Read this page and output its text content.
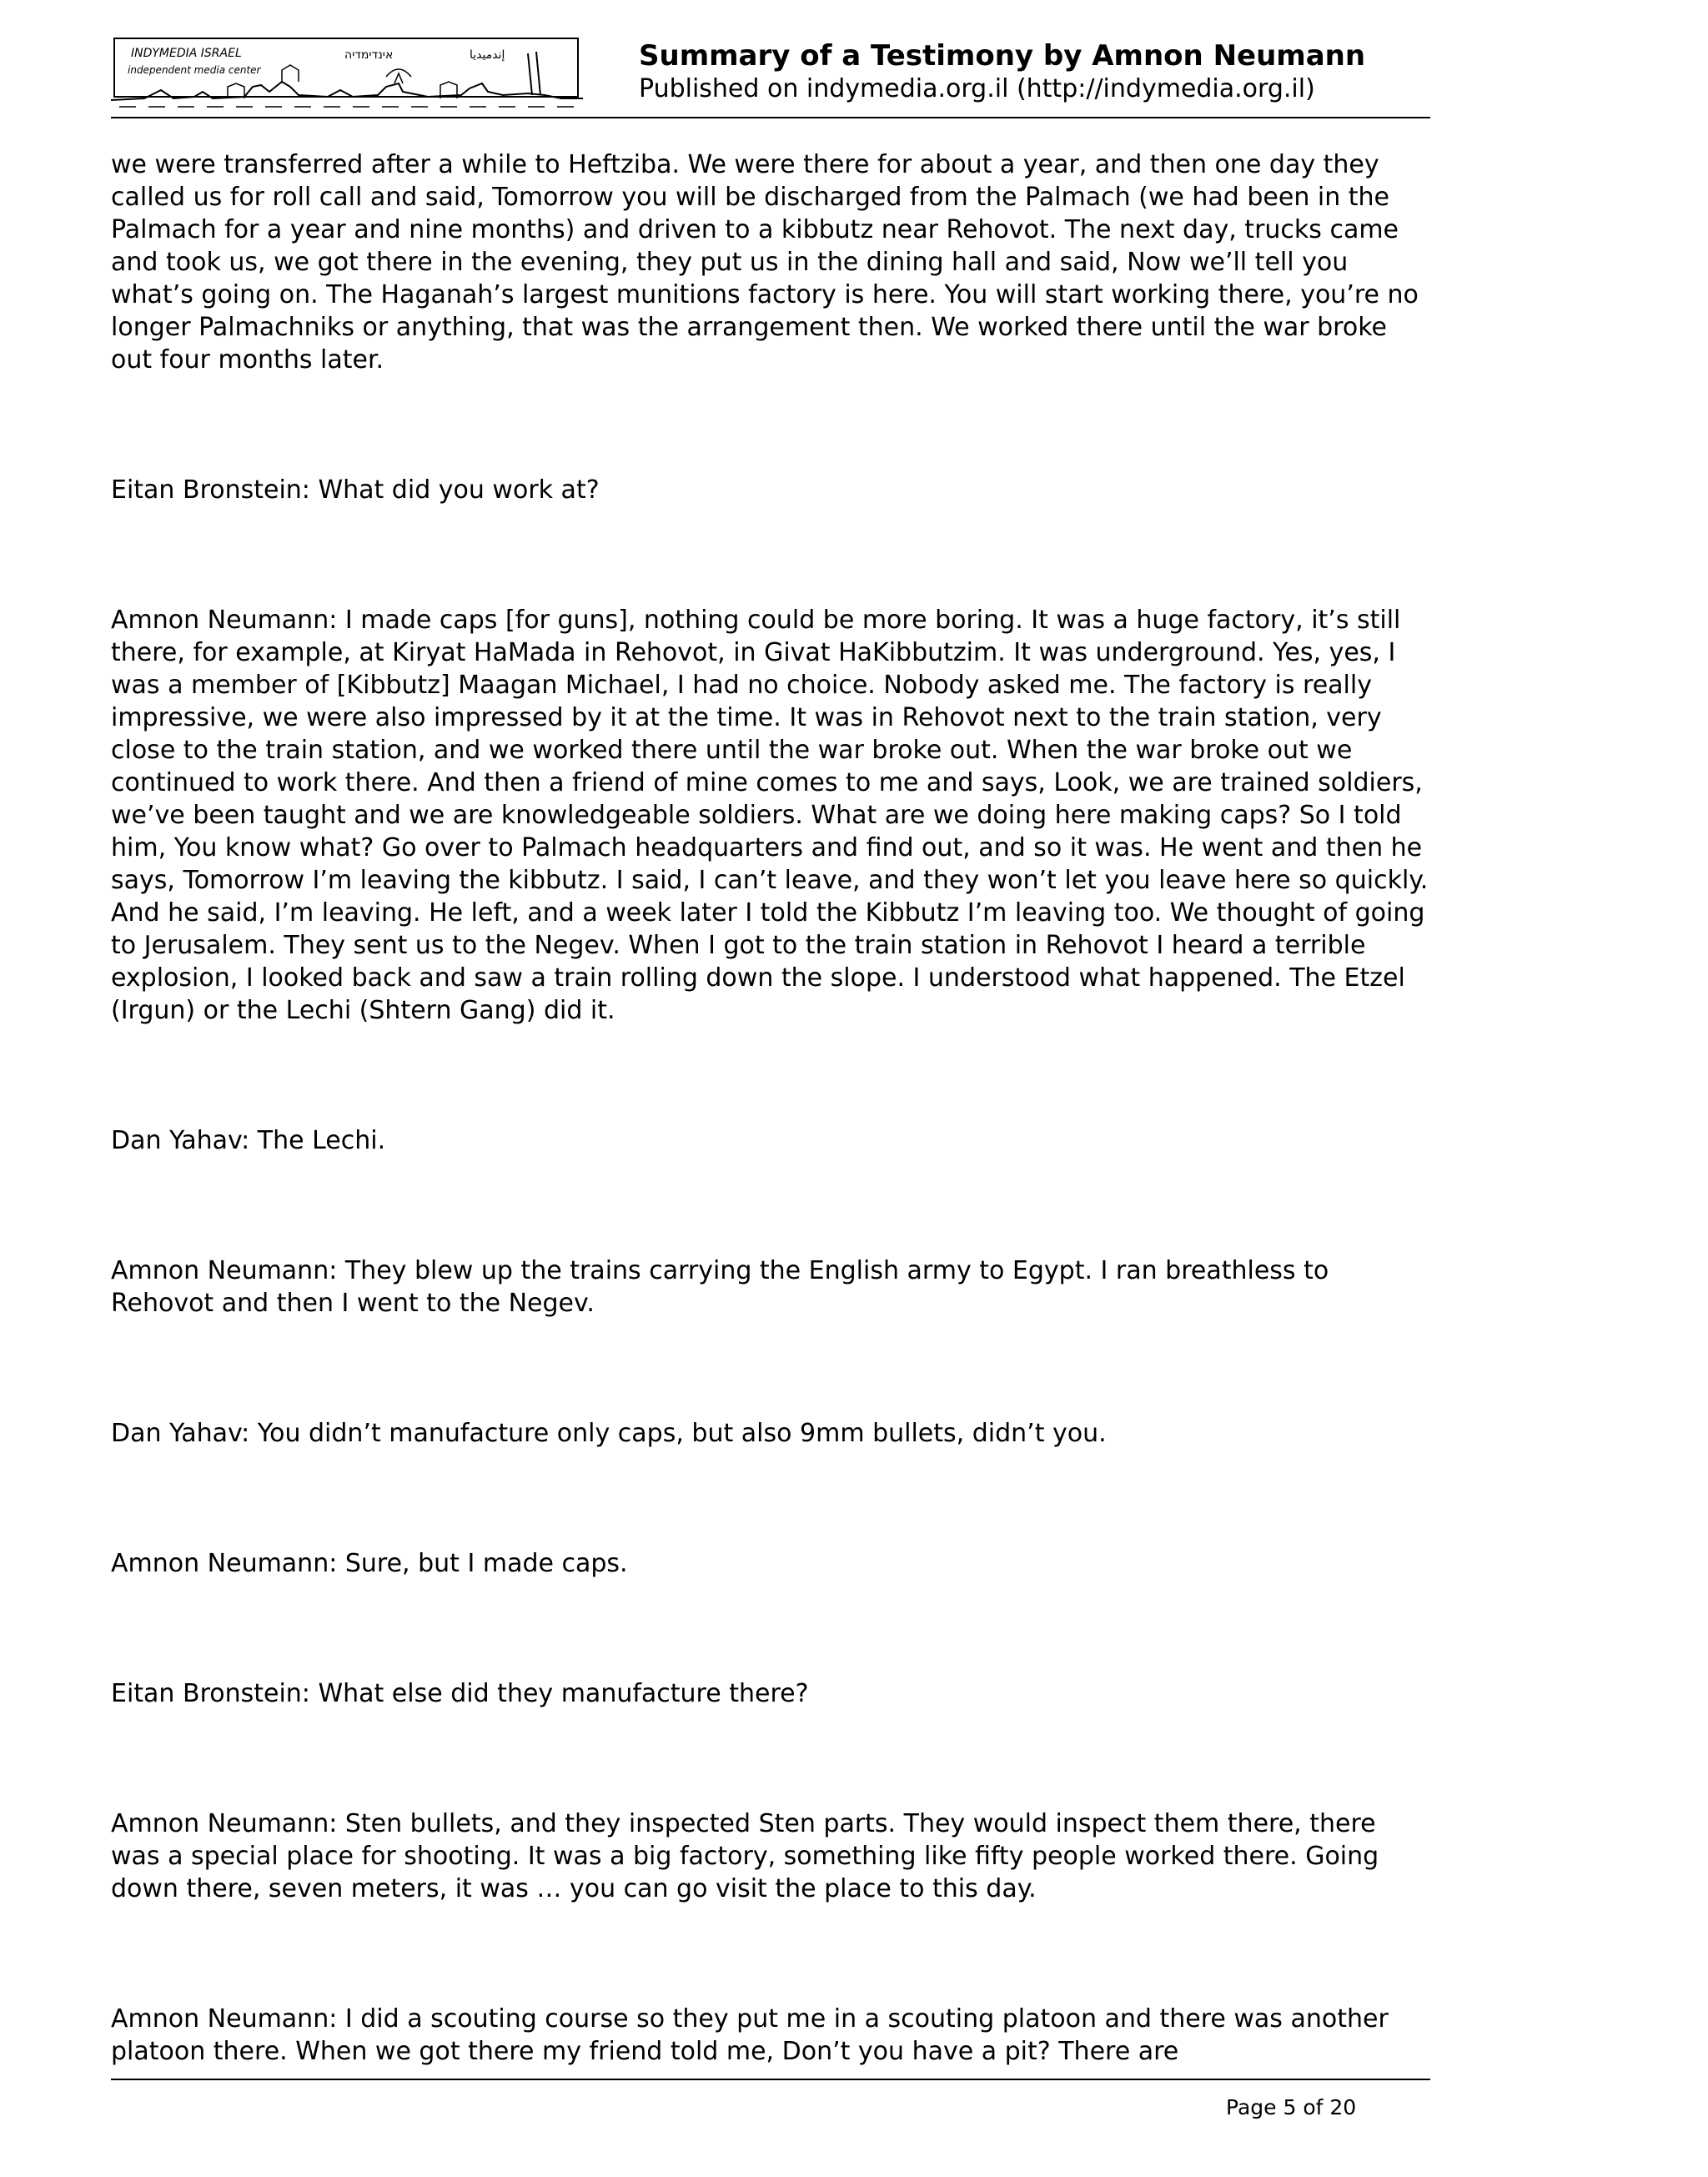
INDYMEDIA ISRAEL
independent media center
אינדימדיה	إندميديا	Summary of a Testimony by Amnon Neumann
Published on indymedia.org.il (http://indymedia.org.il)

we were transferred after a while to Heftziba. We were there for about a year, and then one day they called us for roll call and said, Tomorrow you will be discharged from the Palmach (we had been in the Palmach for a year and nine months) and driven to a kibbutz near Rehovot. The next day, trucks came and took us, we got there in the evening, they put us in the dining hall and said, Now we’ll tell you what’s going on. The Haganah’s largest munitions factory is here. You will start working there, you’re no longer Palmachniks or anything, that was the arrangement then. We worked there until the war broke out four months later.

Eitan Bronstein: What did you work at?

Amnon Neumann: I made caps [for guns], nothing could be more boring. It was a huge factory, it’s still there, for example, at Kiryat HaMada in Rehovot, in Givat HaKibbutzim. It was underground. Yes, yes, I was a member of [Kibbutz] Maagan Michael, I had no choice. Nobody asked me. The factory is really impressive, we were also impressed by it at the time. It was in Rehovot next to the train station, very close to the train station, and we worked there until the war broke out. When the war broke out we continued to work there. And then a friend of mine comes to me and says, Look, we are trained soldiers, we’ve been taught and we are knowledgeable soldiers. What are we doing here making caps? So I told him, You know what? Go over to Palmach headquarters and find out, and so it was. He went and then he says, Tomorrow I’m leaving the kibbutz. I said, I can’t leave, and they won’t let you leave here so quickly. And he said, I’m leaving. He left, and a week later I told the Kibbutz I’m leaving too. We thought of going to Jerusalem. They sent us to the Negev. When I got to the train station in Rehovot I heard a terrible explosion, I looked back and saw a train rolling down the slope. I understood what happened. The Etzel (Irgun) or the Lechi (Shtern Gang) did it.

Dan Yahav: The Lechi.

Amnon Neumann: They blew up the trains carrying the English army to Egypt. I ran breathless to Rehovot and then I went to the Negev.

Dan Yahav: You didn’t manufacture only caps, but also 9mm bullets, didn’t you.

Amnon Neumann: Sure, but I made caps.

Eitan Bronstein: What else did they manufacture there?

Amnon Neumann: Sten bullets, and they inspected Sten parts. They would inspect them there, there was a special place for shooting. It was a big factory, something like fifty people worked there. Going down there, seven meters, it was … you can go visit the place to this day.

Amnon Neumann: I did a scouting course so they put me in a scouting platoon and there was another platoon there. When we got there my friend told me, Don’t you have a pit? There are

Page 5 of 20
